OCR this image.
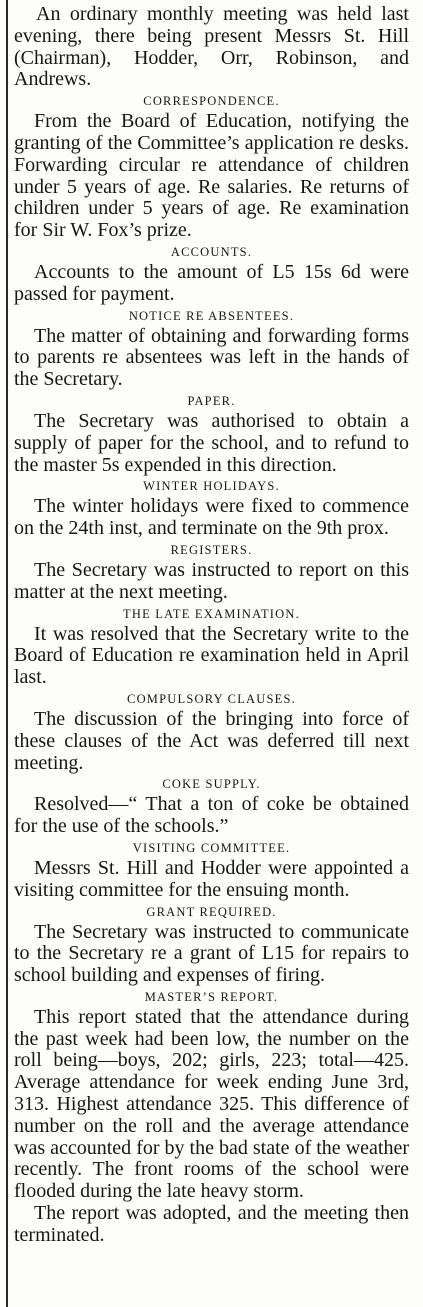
An ordinary monthly meeting was held last evening, there being present Messrs St. Hill (Chairman), Hodder, Orr, Robinson, and Andrews.

CORRESPONDENCE.

From the Board of Education, notifying the granting of the Committee’s application re desks. Forwarding circular re attendance of children under 5 years of age. Re salaries. Re returns of children under 5 years of age. Re examination for Sir W. Fox’s prize.

ACCOUNTS.

Accounts to the amount of L5 15s 6d were passed for payment.

NOTICE RE ABSENTEES.

The matter of obtaining and forwarding forms to parents re absentees was left in the hands of the Secretary.

PAPER.

The Secretary was authorised to obtain a supply of paper for the school, and to refund to the master 5s expended in this direction.

WINTER HOLIDAYS.

The winter holidays were fixed to commence on the 24th inst, and terminate on the 9th prox.

REGISTERS.

The Secretary was instructed to report on this matter at the next meeting.

THE LATE EXAMINATION.

It was resolved that the Secretary write to the Board of Education re examination held in April last.

COMPULSORY CLAUSES.

The discussion of the bringing into force of these clauses of the Act was deferred till next meeting.

COKE SUPPLY.

Resolved—“ That a ton of coke be obtained for the use of the schools.”

VISITING COMMITTEE.

Messrs St. Hill and Hodder were appointed a visiting committee for the ensuing month.

GRANT REQUIRED.

The Secretary was instructed to communicate to the Secretary re a grant of L15 for repairs to school building and expenses of firing.

MASTER’S REPORT.

This report stated that the attendance during the past week had been low, the number on the roll being—boys, 202; girls, 223; total—425. Average attendance for week ending June 3rd, 313. Highest attendance 325. This difference of number on the roll and the average attendance was accounted for by the bad state of the weather recently. The front rooms of the school were flooded during the late heavy storm.

The report was adopted, and the meeting then terminated.
